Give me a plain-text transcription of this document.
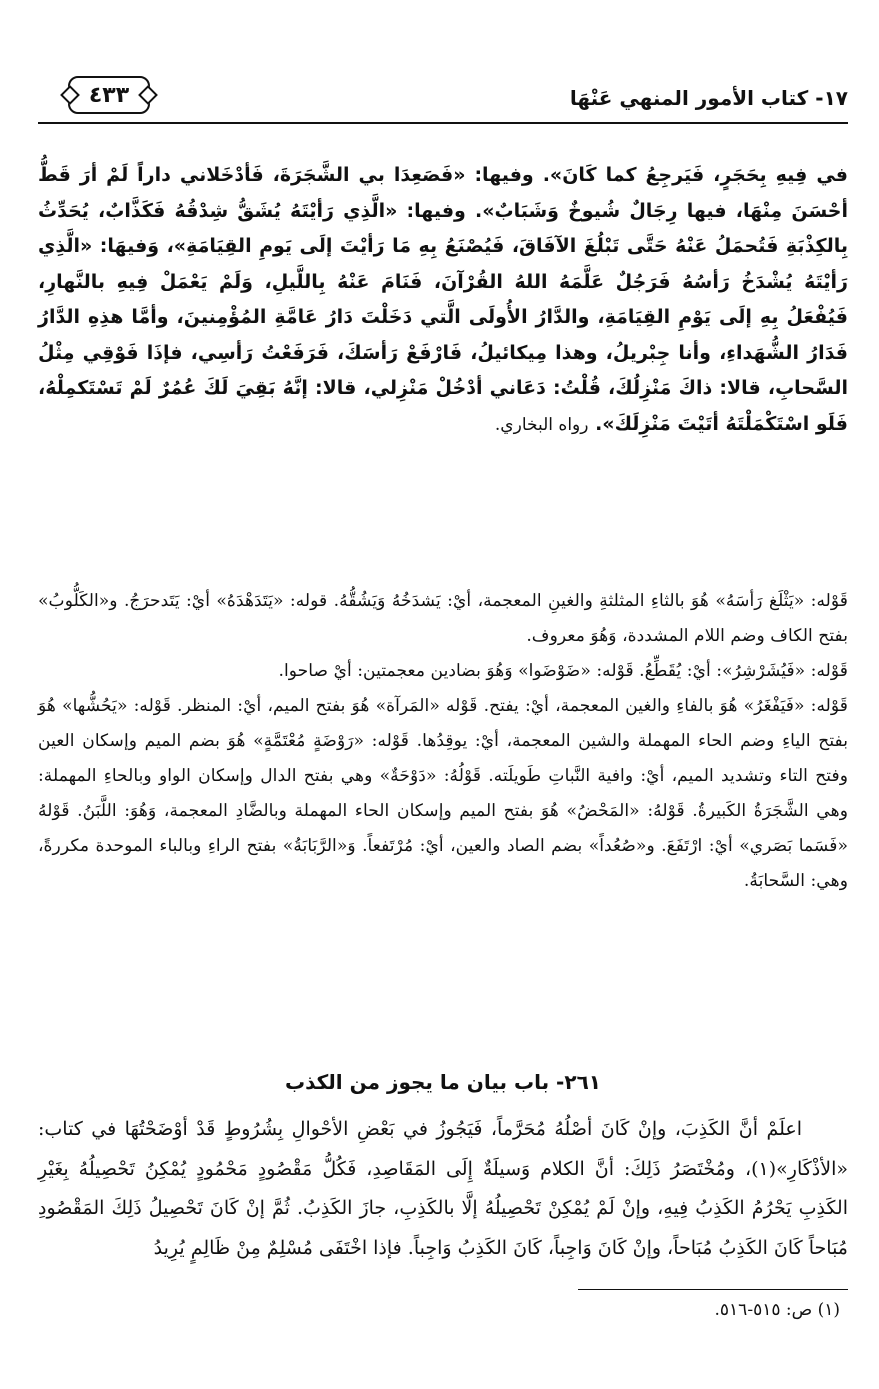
١٧- كتاب الأمور المنهي عَنْهَا
٤٣٣
في فِيهِ بِحَجَرٍ، فَيَرجِعُ كما كَانَ». وفيها: «فَصَعِدَا بي الشَّجَرَةَ، فَأدْخَلاني داراً لَمْ أرَ قَطُّ أحْسَنَ مِنْهَا، فيها رِجَالٌ شُيوخٌ وَشَبَابٌ». وفيها: «الَّذِي رَأيْتَهُ يُشَقُّ شِدْقُهُ فَكَذَّابٌ، يُحَدِّثُ بِالكِذْبَةِ فَتُحمَلُ عَنْهُ حَتَّى تَبْلُغَ الآفَاقَ، فَيُصْنَعُ بِهِ مَا رَأيْتَ إلَى يَومِ القِيَامَةِ»، وَفيهَا: «الَّذِي رَأيْتَهُ يُشْدَخُ رَأسُهُ فَرَجُلٌ عَلَّمَهُ اللهُ القُرْآنَ، فَنَامَ عَنْهُ بِاللَّيلِ، وَلَمْ يَعْمَلْ فِيهِ بالنَّهارِ، فَيُفْعَلُ بِهِ إلَى يَوْمِ القِيَامَةِ، والدَّارُ الأُولَى الَّتي دَخَلْتَ دَارُ عَامَّةِ المُؤْمِنينَ، وأمَّا هذِهِ الدَّارُ فَدَارُ الشُّهَداءِ، وأنا جِبْريلُ، وهذا مِيكائيلُ، فَارْفَعْ رَأسَكَ، فَرَفَعْتُ رَأسِي، فإذَا فَوْقِي مِثْلُ السَّحابِ، قالا: ذاكَ مَنْزِلُكَ، قُلْتُ: دَعَاني أدْخُلْ مَنْزِلي، قالا: إنَّهُ بَقِيَ لَكَ عُمُرٌ لَمْ تَسْتَكمِلْهُ، فَلَو اسْتَكْمَلْتَهُ أتَيْتَ مَنْزِلَكَ». رواه البخاري.
قَوْله: «يَثْلَغ رَأسَهُ» هُوَ بالثاءِ المثلثةِ والغينِ المعجمة، أيْ: يَشدَخُهُ وَيَشُقُّهُ. قوله: «يَتَدَهْدَهُ» أيْ: يَتَدحرَجُ. و«الكَلُّوبُ» بفتح الكاف وضم اللام المشددة، وَهُوَ معروف.
قَوْله: «فَيُشَرْشِرُ»: أيْ: يُقَطِّعُ. قَوْله: «ضَوْضَوا» وَهُوَ بضادين معجمتين: أيْ صاحوا.
قَوْله: «فَيَفْغَرُ» هُوَ بالفاءِ والغين المعجمة، أيْ: يفتح. قَوْله «المَرآة» هُوَ بفتح الميم، أيْ: المنظر. قَوْله: «يَحُشُّها» هُوَ بفتح الياءِ وضم الحاء المهملة والشين المعجمة، أيْ: يوقِدُها. قَوْله: «رَوْضَةٍ مُعْتَمَّةٍ» هُوَ بضم الميم وإسكان العين وفتح التاء وتشديد الميم، أيْ: وافية النَّباتِ طَويلَته. قَوْلُهُ: «دَوْحَةٌ» وهي بفتح الدال وإسكان الواو وبالحاءِ المهملة: وهي الشَّجَرَةُ الكَبيرةُ. قَوْلهُ: «المَحْضُ» هُوَ بفتح الميم وإسكان الحاء المهملة وبالضَّادِ المعجمة، وَهُوَ: اللَّبَنُ. قَوْلهُ «فَسَما بَصَري» أيْ: ارْتَفَعَ. و«صُعُداً» بضم الصاد والعين، أيْ: مُرْتَفعاً. وَ«الرَّبَابَةُ» بفتح الراءِ وبالباء الموحدة مكررةً، وهي: السَّحابَةُ.
٢٦١- باب بيان ما يجوز من الكذب
اعلَمْ أنَّ الكَذِبَ، وإنْ كَانَ أصْلُهُ مُحَرَّماً، فَيَجُوزُ في بَعْضِ الأحْوالِ بِشُرُوطٍ قَدْ أوْضَحْتُهَا في كتاب: «الأذْكَارِ»(١)، ومُخْتَصَرُ ذَلِكَ: أنَّ الكلام وَسيلَةٌ إِلَى المَقَاصِدِ، فَكُلُّ مَقْصُودٍ مَحْمُودٍ يُمْكِنُ تَحْصِيلُهُ بِغَيْرِ الكَذِبِ يَحْرُمُ الكَذِبُ فِيهِ، وإنْ لَمْ يُمْكِنْ تَحْصِيلُهُ إلَّا بالكَذِبِ، جازَ الكَذِبُ. ثُمَّ إنْ كَانَ تَحْصِيلُ ذَلِكَ المَقْصُودِ مُبَاحاً كَانَ الكَذِبُ مُبَاحاً، وإنْ كَانَ وَاجِباً، كَانَ الكَذِبُ وَاجِباً. فإذا اخْتَفَى مُسْلِمٌ مِنْ ظَالِمٍ يُرِيدُ
(١) ص: ٥١٥-٥١٦.
